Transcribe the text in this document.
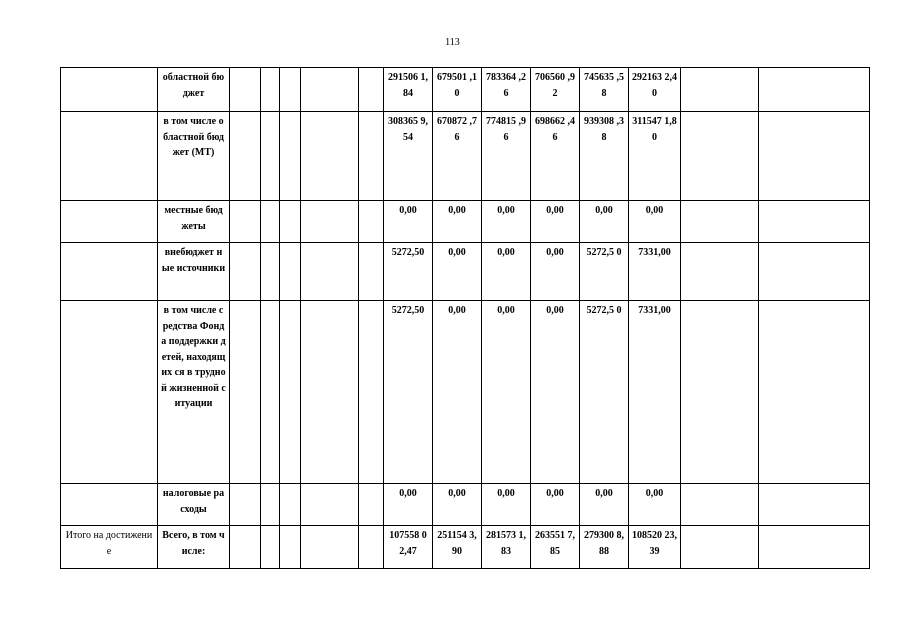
113
	областной бюджет						291506 1,84	679501 ,10	783364 ,26	706560 ,92	745635 ,58	292163 2,40		
	в том числе областной бюджет (МТ)						308365 9,54	670872 ,76	774815 ,96	698662 ,46	939308 ,38	311547 1,80		
	местные бюджеты						0,00	0,00	0,00	0,00	0,00	0,00		
	внебюджет ные источники						5272,50	0,00	0,00	0,00	5272,5 0	7331,00		
	в том числе средства Фонда поддержки детей, находящих ся в трудной жизненной ситуации						5272,50	0,00	0,00	0,00	5272,5 0	7331,00		
	налоговые расходы						0,00	0,00	0,00	0,00	0,00	0,00		
Итого на достижение	Всего, в том числе:						107558 02,47	251154 3,90	281573 1,83	263551 7,85	279300 8,88	108520 23,39		
